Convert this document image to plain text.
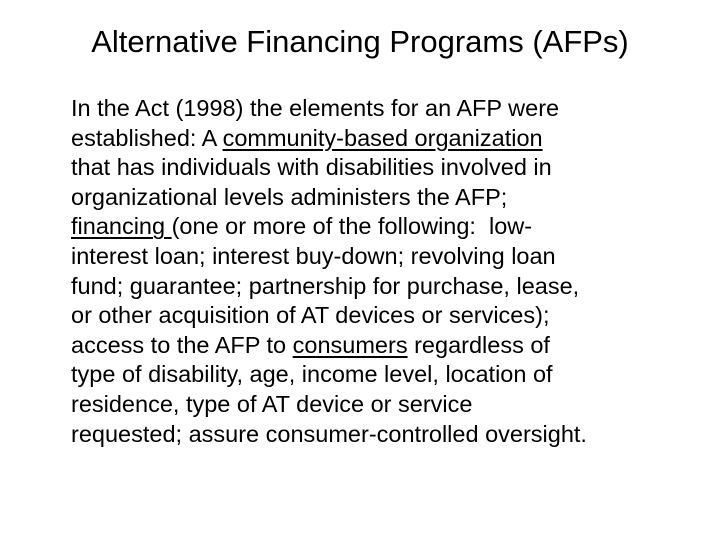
Alternative Financing Programs (AFPs)
In the Act (1998) the elements for an AFP were
established: A community-based organization
that has individuals with disabilities involved in
organizational levels administers the AFP;
financing (one or more of the following:  low-
interest loan; interest buy-down; revolving loan
fund; guarantee; partnership for purchase, lease,
or other acquisition of AT devices or services);
access to the AFP to consumers regardless of
type of disability, age, income level, location of
residence, type of AT device or service
requested; assure consumer-controlled oversight.
